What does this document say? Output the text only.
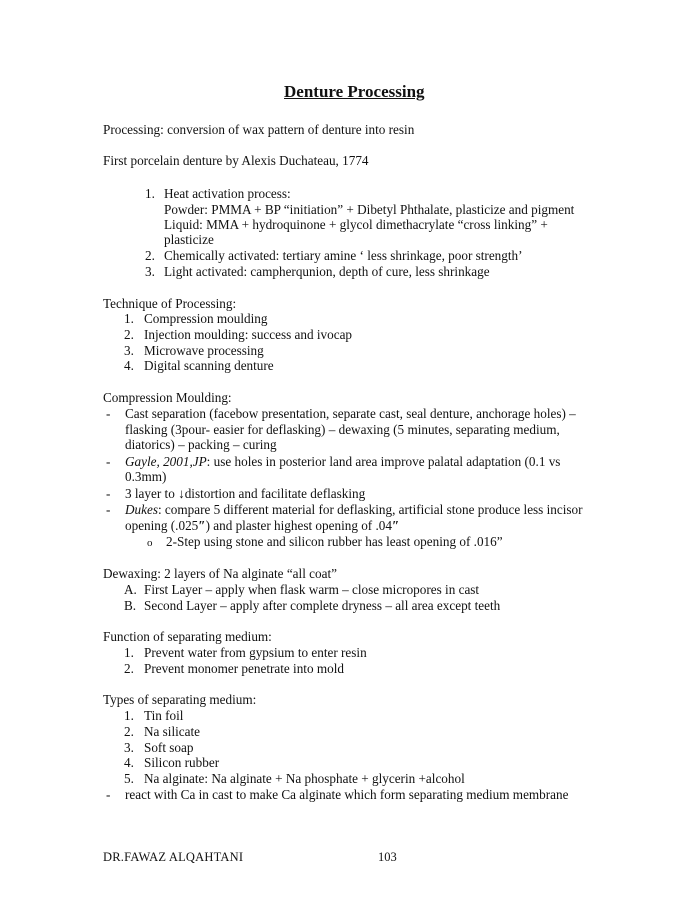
Denture Processing
Processing: conversion of wax pattern of denture into resin
First porcelain denture by Alexis Duchateau, 1774
1. Heat activation process:
Powder: PMMA + BP “initiation” + Dibetyl Phthalate, plasticize and pigment
Liquid: MMA + hydroquinone + glycol dimethacrylate “cross linking” +
plasticize
2. Chemically activated: tertiary amine ‘ less shrinkage, poor strength’
3. Light activated: campherqunion, depth of cure, less shrinkage
Technique of Processing:
1. Compression moulding
2. Injection moulding: success and ivocap
3. Microwave processing
4. Digital scanning denture
Compression Moulding:
- Cast separation (facebow presentation, separate cast, seal denture, anchorage holes) –
flasking (3pour- easier for deflasking) – dewaxing (5 minutes, separating medium,
diatorics) – packing – curing
- Gayle, 2001,JP: use holes in posterior land area improve palatal adaptation (0.1 vs
0.3mm)
- 3 layer to ↓distortion and facilitate deflasking
- Dukes: compare 5 different material for deflasking, artificial stone produce less incisor
opening (.025″) and plaster highest opening of .04″
o 2-Step using stone and silicon rubber has least opening of .016”
Dewaxing: 2 layers of Na alginate “all coat”
A. First Layer – apply when flask warm – close micropores in cast
B. Second Layer – apply after complete dryness – all area except teeth
Function of separating medium:
1. Prevent water from gypsium to enter resin
2. Prevent monomer penetrate into mold
Types of separating medium:
1. Tin foil
2. Na silicate
3. Soft soap
4. Silicon rubber
5. Na alginate: Na alginate + Na phosphate + glycerin +alcohol
- react with Ca in cast to make Ca alginate which form separating medium membrane
DR.FAWAZ ALQAHTANI	103
